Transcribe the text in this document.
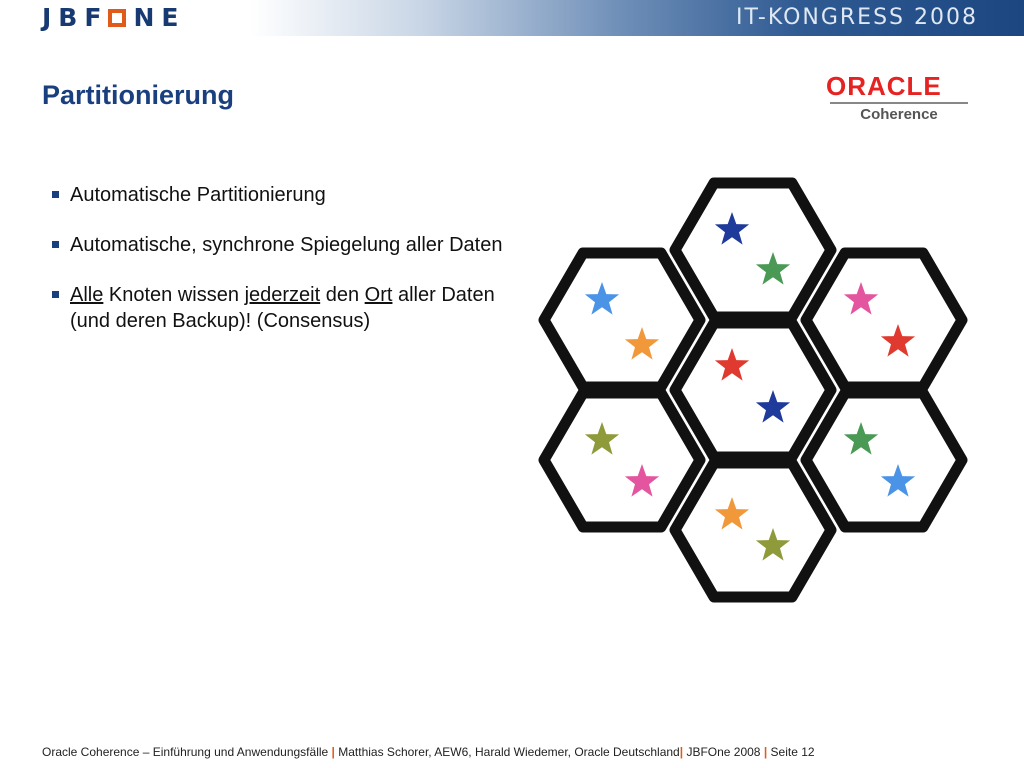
JBF NE	IT-KONGRESS 2008
Partitionierung	ORACLE
Coherence
Automatische Partitionierung
Automatische, synchrone Spiegelung aller Daten
Alle Knoten wissen jederzeit den Ort aller Daten (und deren Backup)! (Consensus)
Oracle Coherence – Einführung und Anwendungsfälle | Matthias Schorer, AEW6, Harald Wiedemer, Oracle Deutschland| JBFOne 2008 | Seite 12
